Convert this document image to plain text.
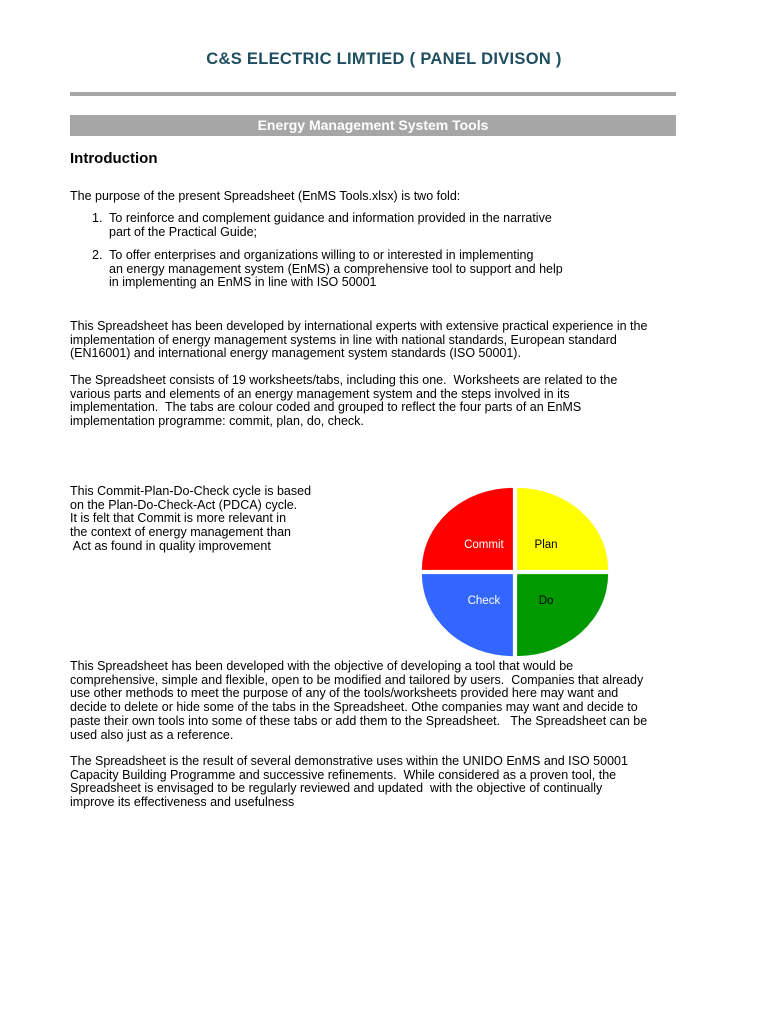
C&S ELECTRIC LIMTIED ( PANEL DIVISON )
Energy Management System Tools
Introduction
The purpose of the present Spreadsheet (EnMS Tools.xlsx) is two fold:
1.  To reinforce and complement guidance and information provided in the narrative
part of the Practical Guide;
2.  To offer enterprises and organizations willing to or interested in implementing
an energy management system (EnMS) a comprehensive tool to support and help
in implementing an EnMS in line with ISO 50001
This Spreadsheet has been developed by international experts with extensive practical experience in the
implementation of energy management systems in line with national standards, European standard
(EN16001) and international energy management system standards (ISO 50001).
The Spreadsheet consists of 19 worksheets/tabs, including this one.  Worksheets are related to the
various parts and elements of an energy management system and the steps involved in its
implementation.  The tabs are colour coded and grouped to reflect the four parts of an EnMS
implementation programme: commit, plan, do, check.
This Commit-Plan-Do-Check cycle is based
on the Plan-Do-Check-Act (PDCA) cycle.
It is felt that Commit is more relevant in
the context of energy management than
Act as found in quality improvement	Commit	Plan
Do
Check
This Spreadsheet has been developed with the objective of developing a tool that would be
comprehensive, simple and flexible, open to be modified and tailored by users.  Companies that already
use other methods to meet the purpose of any of the tools/worksheets provided here may want and
decide to delete or hide some of the tabs in the Spreadsheet. Othe companies may want and decide to
paste their own tools into some of these tabs or add them to the Spreadsheet.   The Spreadsheet can be
used also just as a reference.
The Spreadsheet is the result of several demonstrative uses within the UNIDO EnMS and ISO 50001
Capacity Building Programme and successive refinements.  While considered as a proven tool, the
Spreadsheet is envisaged to be regularly reviewed and updated  with the objective of continually
improve its effectiveness and usefulness
